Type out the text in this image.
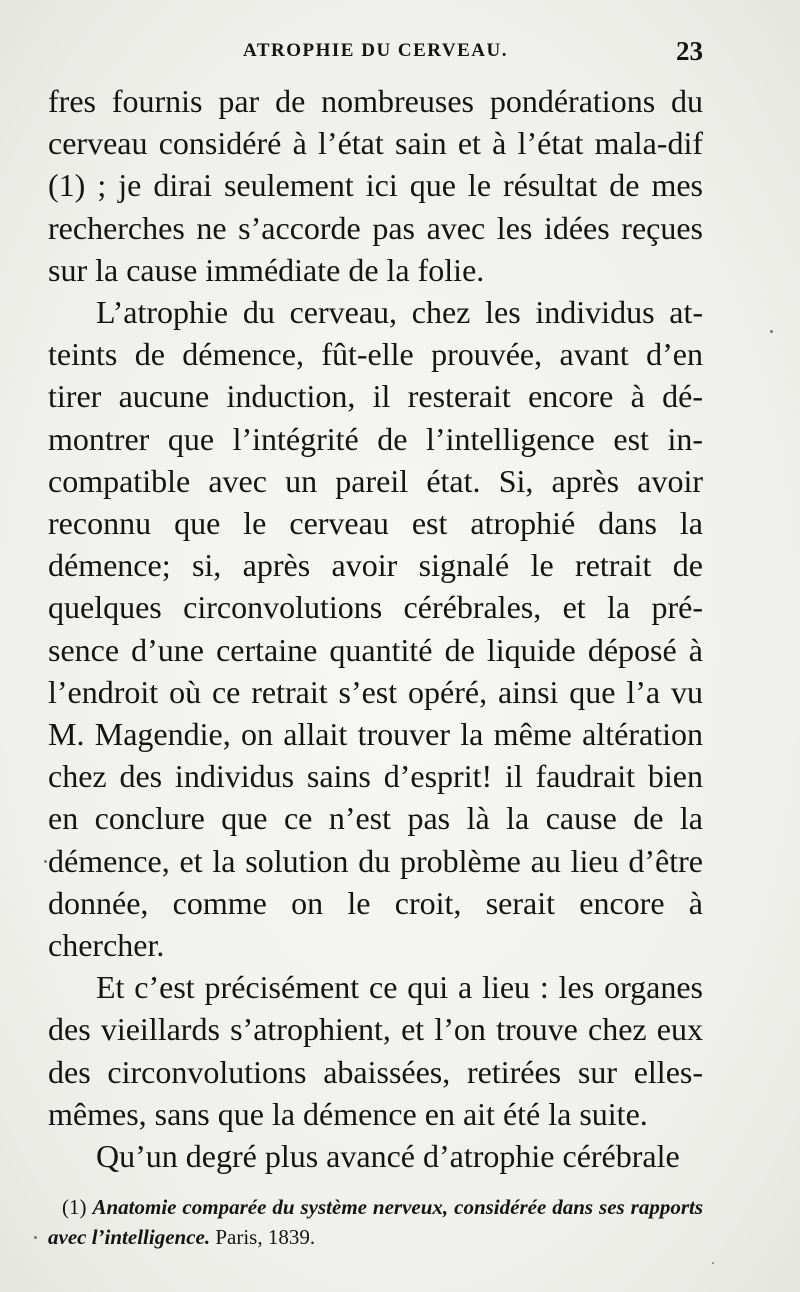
ATROPHIE DU CERVEAU.	23

fres fournis par de nombreuses pondérations du cerveau considéré à l’état sain et à l’état mala-dif (1) ; je dirai seulement ici que le résultat de mes recherches ne s’accorde pas avec les idées reçues sur la cause immédiate de la folie.

L’atrophie du cerveau, chez les individus at-teints de démence, fût-elle prouvée, avant d’en tirer aucune induction, il resterait encore à dé-montrer que l’intégrité de l’intelligence est in-compatible avec un pareil état. Si, après avoir reconnu que le cerveau est atrophié dans la démence; si, après avoir signalé le retrait de quelques circonvolutions cérébrales, et la pré-sence d’une certaine quantité de liquide déposé à l’endroit où ce retrait s’est opéré, ainsi que l’a vu M. Magendie, on allait trouver la même altération chez des individus sains d’esprit! il faudrait bien en conclure que ce n’est pas là la cause de la démence, et la solution du problème au lieu d’être donnée, comme on le croit, serait encore à chercher.

Et c’est précisément ce qui a lieu : les organes des vieillards s’atrophient, et l’on trouve chez eux des circonvolutions abaissées, retirées sur elles-mêmes, sans que la démence en ait été la suite.

Qu’un degré plus avancé d’atrophie cérébrale

(1) Anatomie comparée du système nerveux, considérée dans ses rapports avec l’intelligence. Paris, 1839.
